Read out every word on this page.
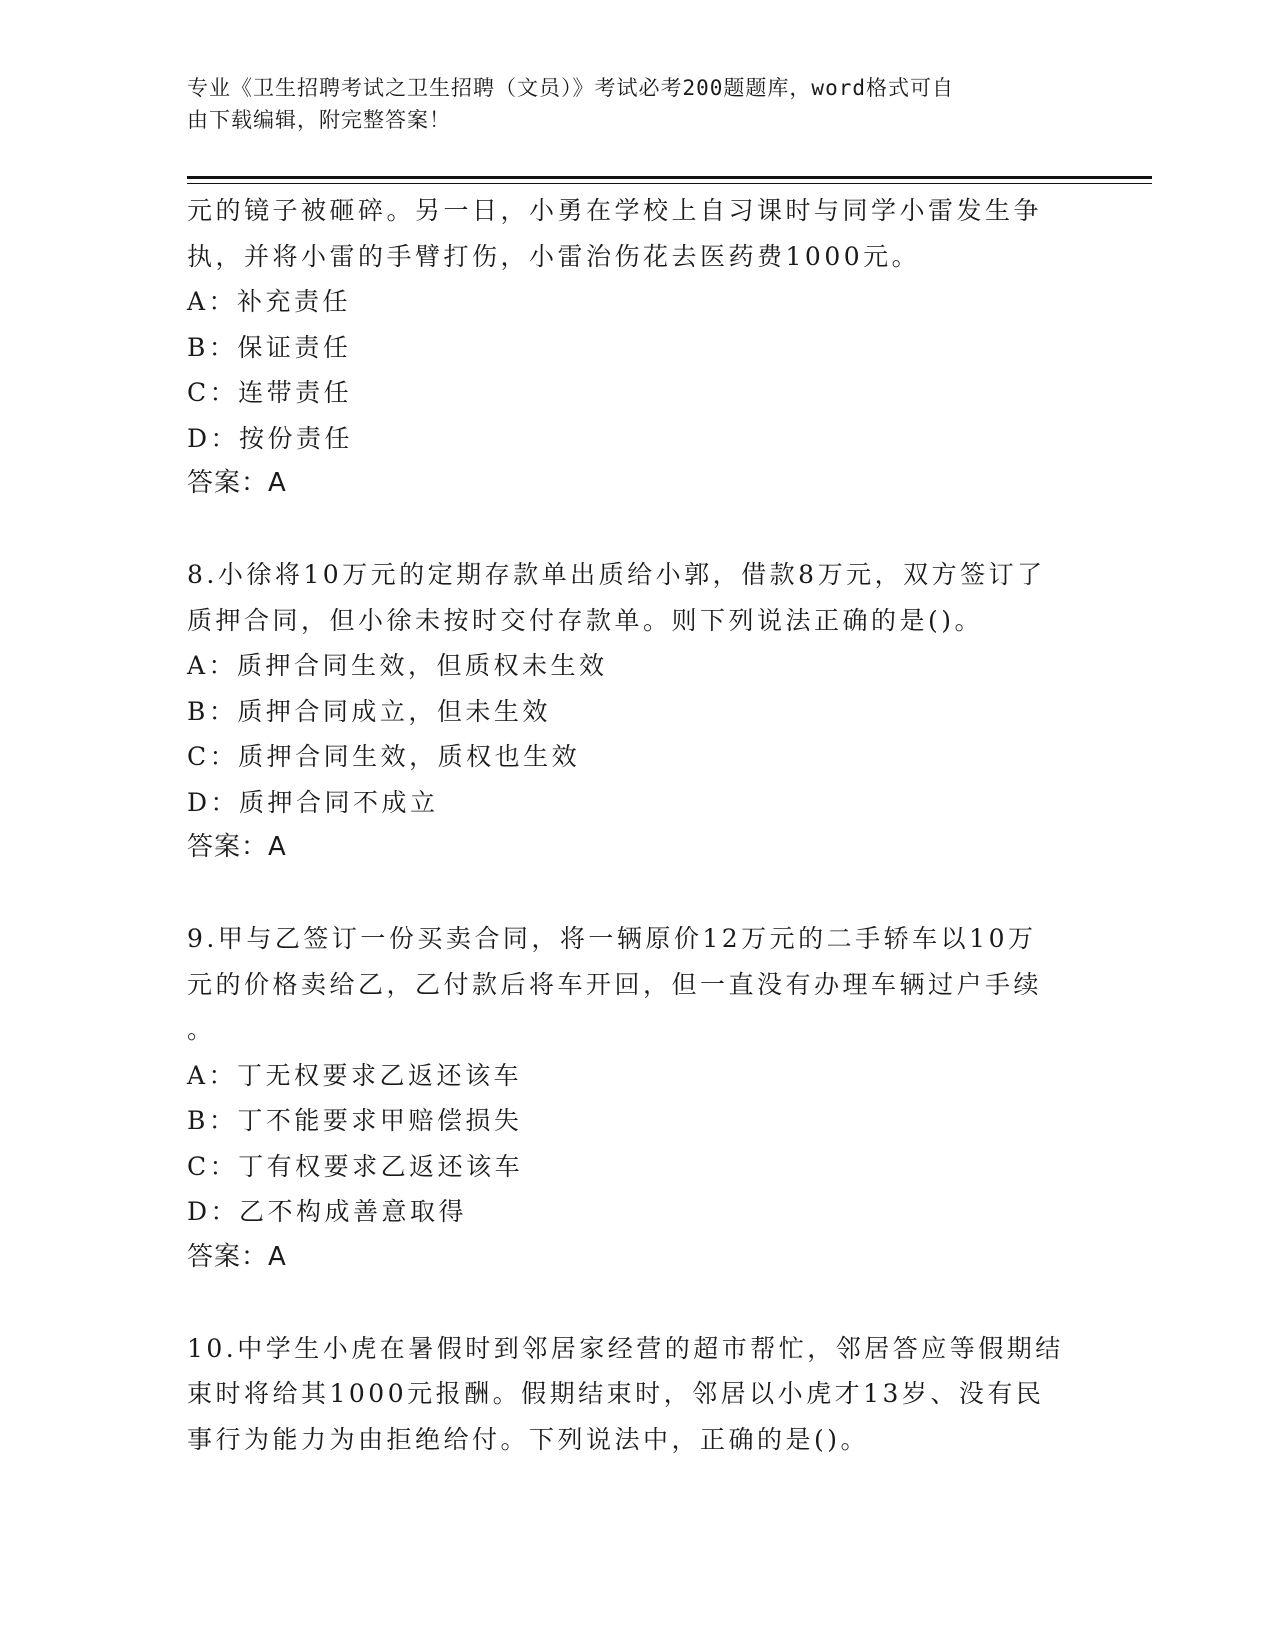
专业《卫生招聘考试之卫生招聘（文员）》考试必考200题题库，word格式可自
由下载编辑，附完整答案！
元的镜子被砸碎。另一日，小勇在学校上自习课时与同学小雷发生争
执，并将小雷的手臂打伤，小雷治伤花去医药费1000元。
A：补充责任
B：保证责任
C：连带责任
D：按份责任
答案：A
8.小徐将10万元的定期存款单出质给小郭，借款8万元，双方签订了
质押合同，但小徐未按时交付存款单。则下列说法正确的是()。
A：质押合同生效，但质权未生效
B：质押合同成立，但未生效
C：质押合同生效，质权也生效
D：质押合同不成立
答案：A
9.甲与乙签订一份买卖合同，将一辆原价12万元的二手轿车以10万
元的价格卖给乙，乙付款后将车开回，但一直没有办理车辆过户手续
。
A：丁无权要求乙返还该车
B：丁不能要求甲赔偿损失
C：丁有权要求乙返还该车
D：乙不构成善意取得
答案：A
10.中学生小虎在暑假时到邻居家经营的超市帮忙，邻居答应等假期结
束时将给其1000元报酬。假期结束时，邻居以小虎才13岁、没有民
事行为能力为由拒绝给付。下列说法中，正确的是()。
